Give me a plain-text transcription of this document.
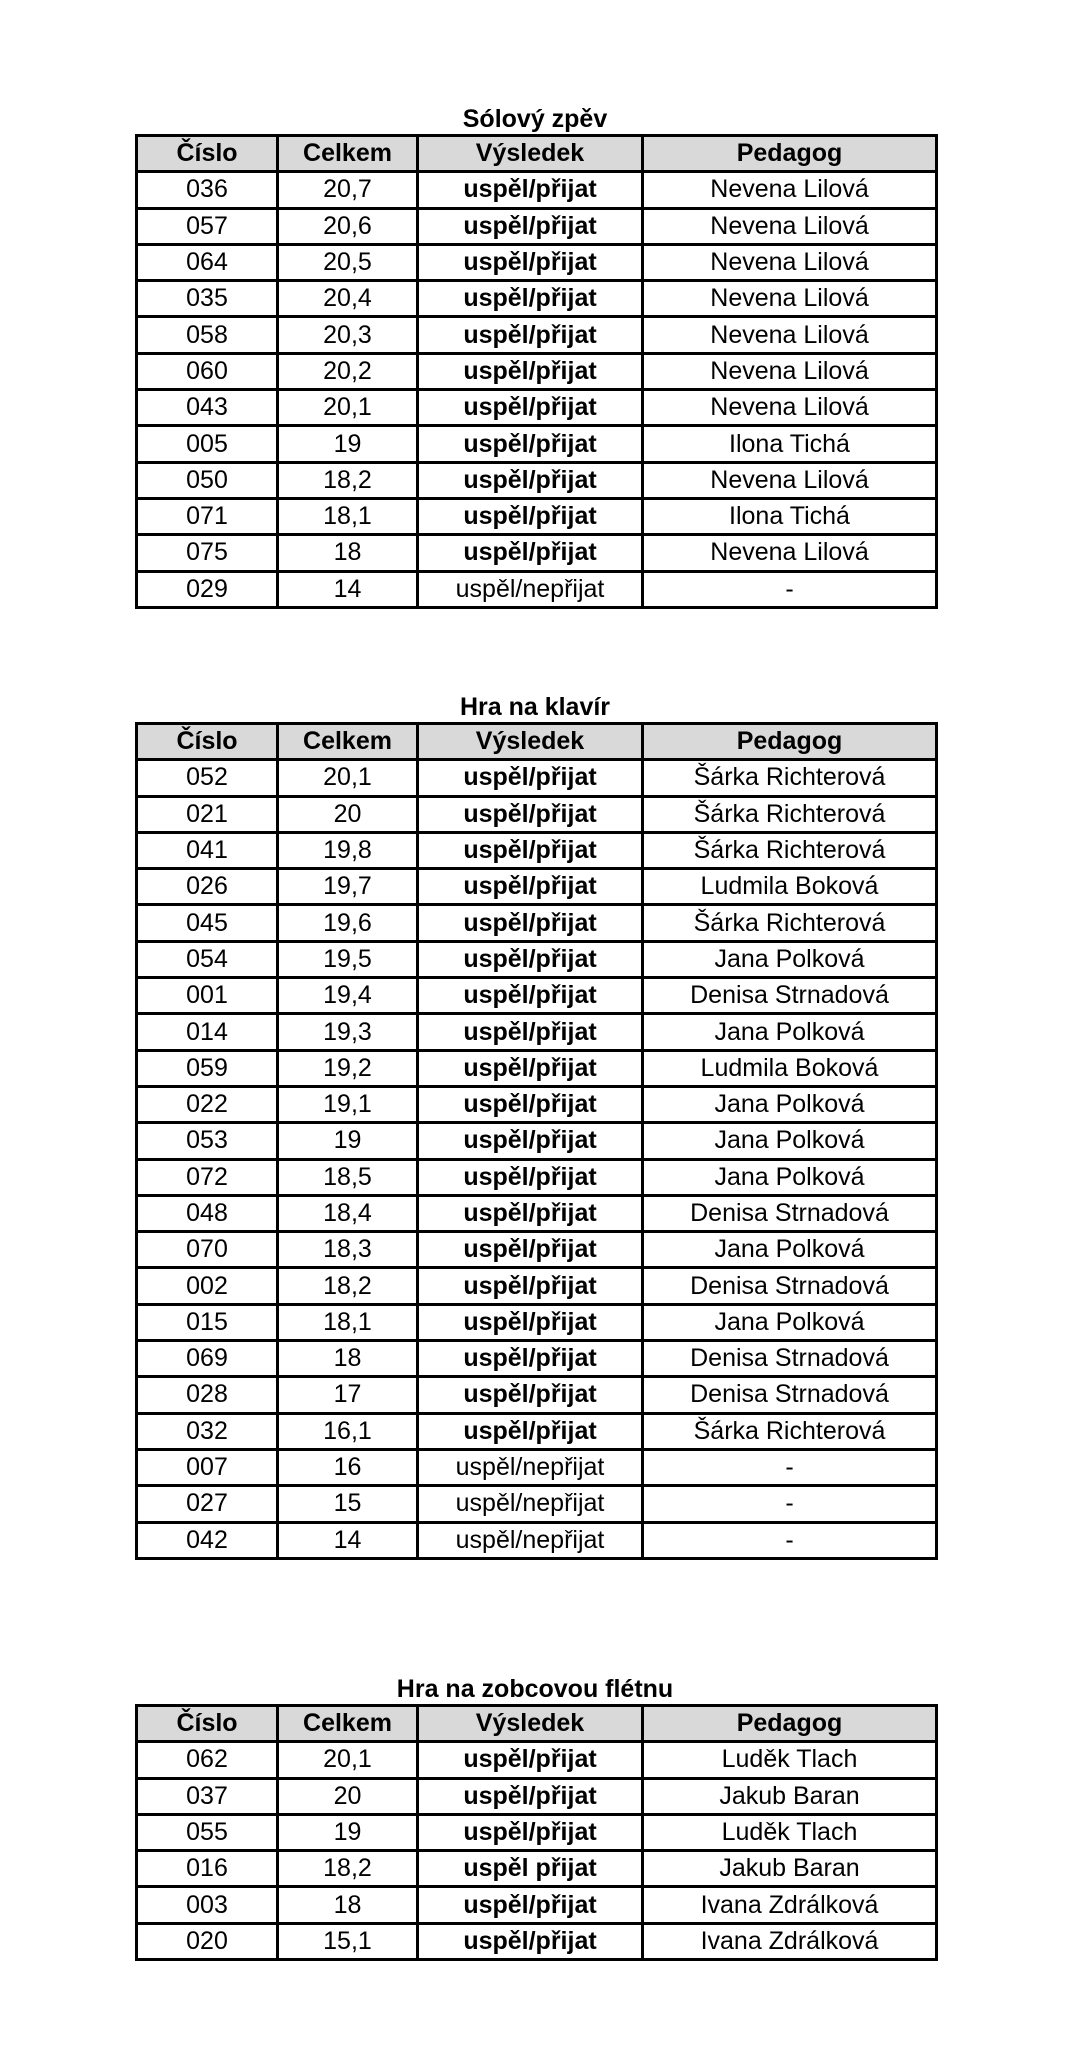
Sólový zpěv
Číslo	Celkem	Výsledek	Pedagog
036	20,7	uspěl/přijat	Nevena Lilová
057	20,6	uspěl/přijat	Nevena Lilová
064	20,5	uspěl/přijat	Nevena Lilová
035	20,4	uspěl/přijat	Nevena Lilová
058	20,3	uspěl/přijat	Nevena Lilová
060	20,2	uspěl/přijat	Nevena Lilová
043	20,1	uspěl/přijat	Nevena Lilová
005	19	uspěl/přijat	Ilona Tichá
050	18,2	uspěl/přijat	Nevena Lilová
071	18,1	uspěl/přijat	Ilona Tichá
075	18	uspěl/přijat	Nevena Lilová
029	14	uspěl/nepřijat	-
Hra na klavír
Číslo	Celkem	Výsledek	Pedagog
052	20,1	uspěl/přijat	Šárka Richterová
021	20	uspěl/přijat	Šárka Richterová
041	19,8	uspěl/přijat	Šárka Richterová
026	19,7	uspěl/přijat	Ludmila Boková
045	19,6	uspěl/přijat	Šárka Richterová
054	19,5	uspěl/přijat	Jana Polková
001	19,4	uspěl/přijat	Denisa Strnadová
014	19,3	uspěl/přijat	Jana Polková
059	19,2	uspěl/přijat	Ludmila Boková
022	19,1	uspěl/přijat	Jana Polková
053	19	uspěl/přijat	Jana Polková
072	18,5	uspěl/přijat	Jana Polková
048	18,4	uspěl/přijat	Denisa Strnadová
070	18,3	uspěl/přijat	Jana Polková
002	18,2	uspěl/přijat	Denisa Strnadová
015	18,1	uspěl/přijat	Jana Polková
069	18	uspěl/přijat	Denisa Strnadová
028	17	uspěl/přijat	Denisa Strnadová
032	16,1	uspěl/přijat	Šárka Richterová
007	16	uspěl/nepřijat	-
027	15	uspěl/nepřijat	-
042	14	uspěl/nepřijat	-
Hra na zobcovou flétnu
Číslo	Celkem	Výsledek	Pedagog
062	20,1	uspěl/přijat	Luděk Tlach
037	20	uspěl/přijat	Jakub Baran
055	19	uspěl/přijat	Luděk Tlach
016	18,2	uspěl přijat	Jakub Baran
003	18	uspěl/přijat	Ivana Zdrálková
020	15,1	uspěl/přijat	Ivana Zdrálková
